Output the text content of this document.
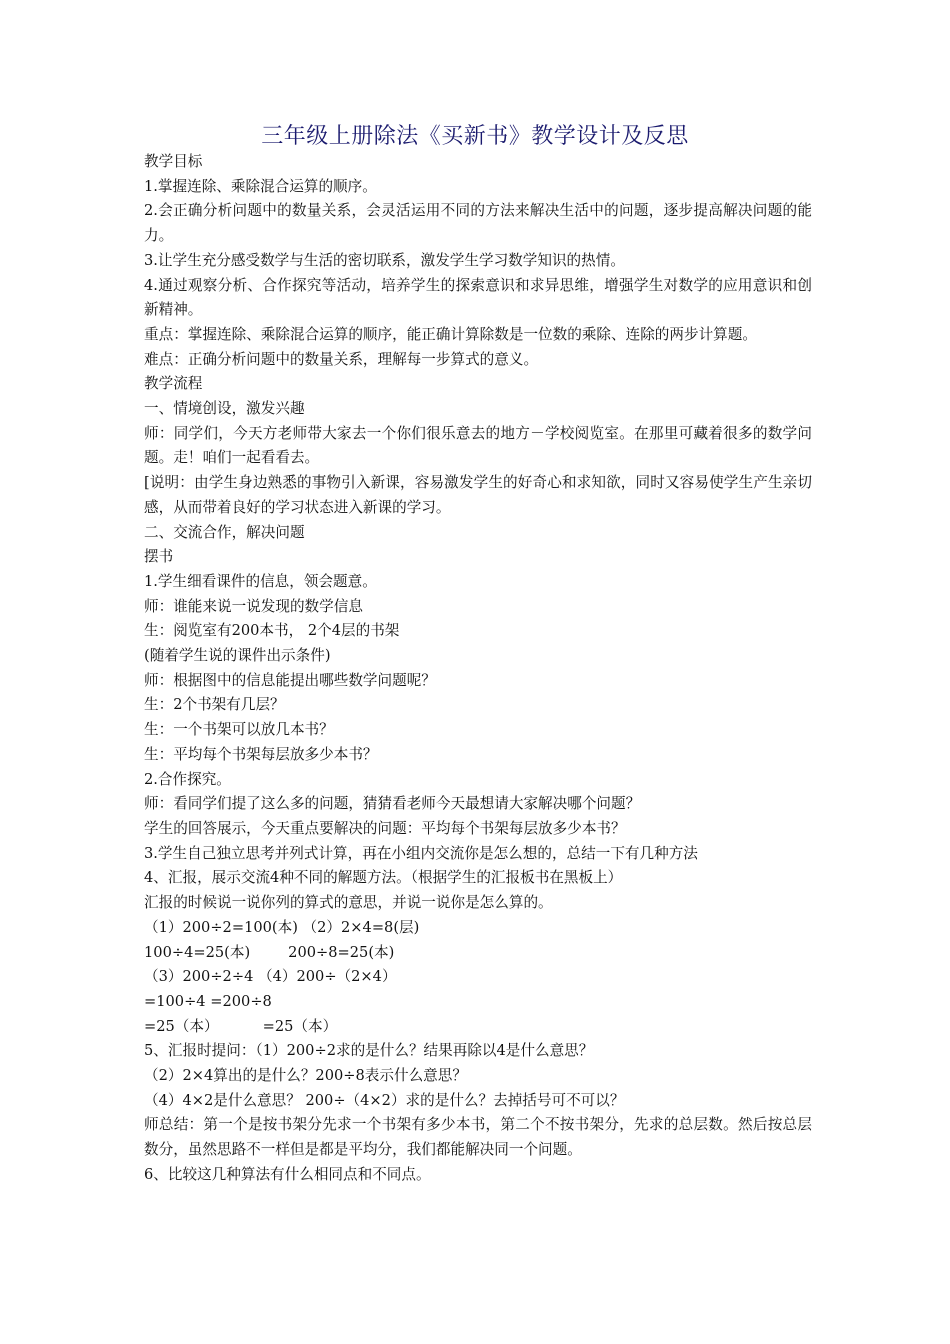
三年级上册除法《买新书》教学设计及反思

教学目标

1.掌握连除、乘除混合运算的顺序。

2.会正确分析问题中的数量关系，会灵活运用不同的方法来解决生活中的问题，逐步提高解决问题的能力。

3.让学生充分感受数学与生活的密切联系，激发学生学习数学知识的热情。

4.通过观察分析、合作探究等活动，培养学生的探索意识和求异思维，增强学生对数学的应用意识和创新精神。

重点：掌握连除、乘除混合运算的顺序，能正确计算除数是一位数的乘除、连除的两步计算题。

难点：正确分析问题中的数量关系，理解每一步算式的意义。

教学流程

一、情境创设，激发兴趣

师：同学们，今天方老师带大家去一个你们很乐意去的地方－学校阅览室。在那里可藏着很多的数学问题。走！咱们一起看看去。

[说明：由学生身边熟悉的事物引入新课，容易激发学生的好奇心和求知欲，同时又容易使学生产生亲切感，从而带着良好的学习状态进入新课的学习。

二、交流合作，解决问题

摆书

1.学生细看课件的信息，领会题意。

师：谁能来说一说发现的数学信息

生：阅览室有200本书， 2个4层的书架

(随着学生说的课件出示条件)

师：根据图中的信息能提出哪些数学问题呢？

生：2个书架有几层？

生：一个书架可以放几本书？

生：平均每个书架每层放多少本书？

2.合作探究。

师：看同学们提了这么多的问题，猜猜看老师今天最想请大家解决哪个问题？

学生的回答展示，今天重点要解决的问题：平均每个书架每层放多少本书？

3.学生自己独立思考并列式计算，再在小组内交流你是怎么想的，总结一下有几种方法

4、汇报，展示交流4种不同的解题方法。（根据学生的汇报板书在黑板上）

汇报的时候说一说你列的算式的意思，并说一说你是怎么算的。

（1）200÷2=100(本) （2）2×4=8(层)

100÷4=25(本)	200÷8=25(本)

（3）200÷2÷4 （4）200÷（2×4）

=100÷4 =200÷8

=25（本）	=25（本）

5、汇报时提问：（1）200÷2求的是什么？结果再除以4是什么意思？

（2）2×4算出的是什么？200÷8表示什么意思？

（4）4×2是什么意思？ 200÷（4×2）求的是什么？去掉括号可不可以？

师总结：第一个是按书架分先求一个书架有多少本书，第二个不按书架分，先求的总层数。然后按总层数分，虽然思路不一样但是都是平均分，我们都能解决同一个问题。

6、比较这几种算法有什么相同点和不同点。
